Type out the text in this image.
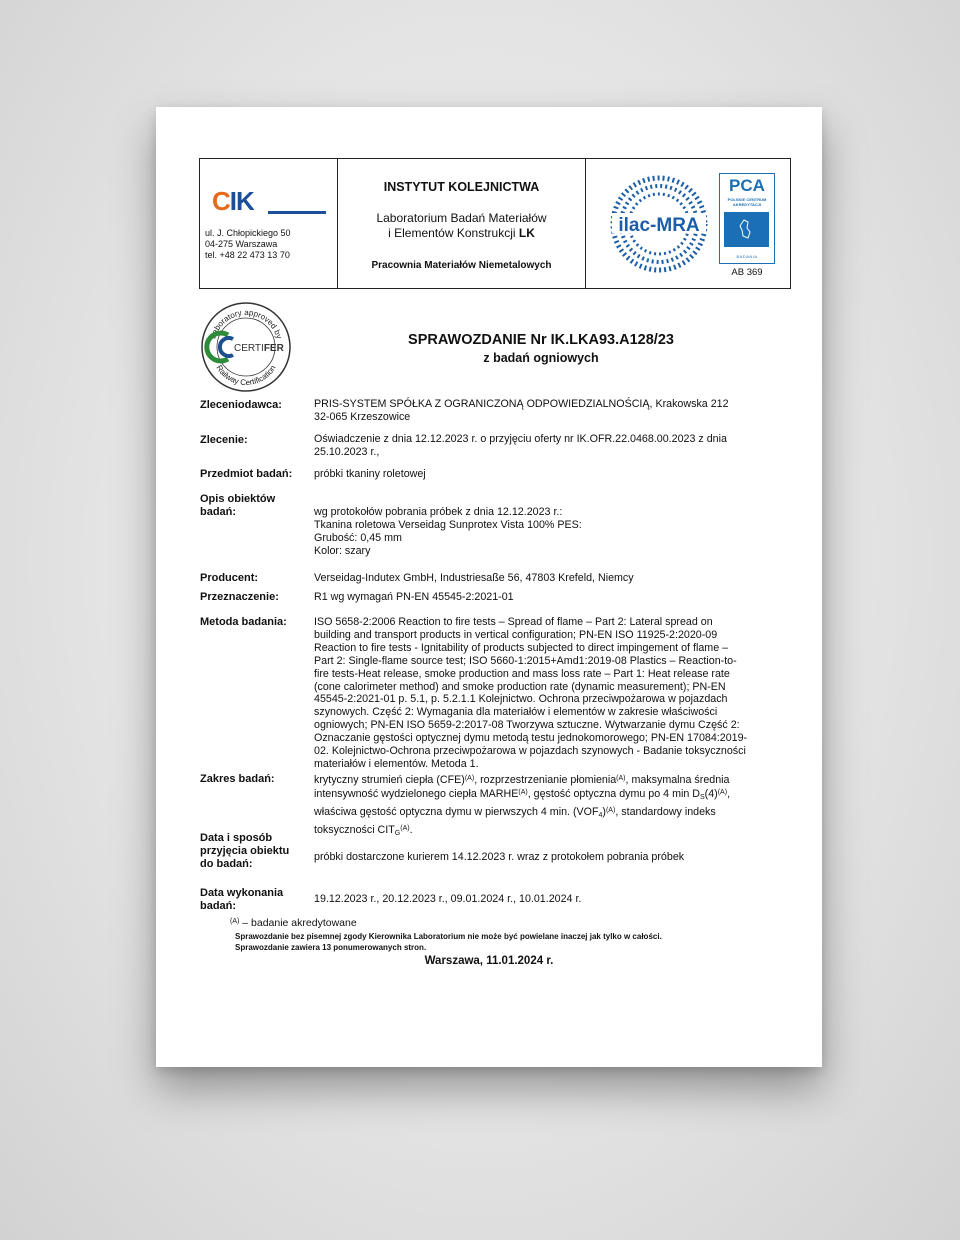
CIK
ul. J. Chłopickiego 50
04-275 Warszawa
tel. +48 22 473 13 70
INSTYTUT KOLEJNICTWA
Laboratorium Badań Materiałów
i Elementów Konstrukcji LK
Pracownia Materiałów Niemetalowych
ilac-MRA
PCA
POLSKIE CENTRUM
AKREDYTACJI
BADANIA
AB 369
Laboratory approved by
Railway Certification
CERTIFER
SPRAWOZDANIE Nr IK.LKA93.A128/23
z badań ogniowych
Zleceniodawca:	PRIS-SYSTEM SPÓŁKA Z OGRANICZONĄ ODPOWIEDZIALNOŚCIĄ, Krakowska 212
32-065 Krzeszowice
Zlecenie:	Oświadczenie z dnia 12.12.2023 r. o przyjęciu oferty nr IK.OFR.22.0468.00.2023 z dnia
25.10.2023 r.,
Przedmiot badań:	próbki tkaniny roletowej
Opis obiektów
badań:	wg protokołów pobrania próbek z dnia 12.12.2023 r.:
Tkanina roletowa Verseidag Sunprotex Vista 100% PES:
Grubość: 0,45 mm
Kolor: szary
Producent:	Verseidag-Indutex GmbH, Industriesaße 56, 47803 Krefeld, Niemcy
Przeznaczenie:	R1 wg wymagań PN-EN 45545-2:2021-01
Metoda badania:	ISO 5658-2:2006 Reaction to fire tests – Spread of flame – Part 2: Lateral spread on
building and transport products in vertical configuration; PN-EN ISO 11925-2:2020-09
Reaction to fire tests - Ignitability of products subjected to direct impingement of flame –
Part 2: Single-flame source test; ISO 5660-1:2015+Amd1:2019-08 Plastics – Reaction-to-
fire tests-Heat release, smoke production and mass loss rate – Part 1: Heat release rate
(cone calorimeter method) and smoke production rate (dynamic measurement); PN-EN
45545-2:2021-01 p. 5.1, p. 5.2.1.1 Kolejnictwo. Ochrona przeciwpożarowa w pojazdach
szynowych. Część 2: Wymagania dla materiałów i elementów w zakresie właściwości
ogniowych; PN-EN ISO 5659-2:2017-08 Tworzywa sztuczne. Wytwarzanie dymu Część 2:
Oznaczanie gęstości optycznej dymu metodą testu jednokomorowego; PN-EN 17084:2019-
02. Kolejnictwo-Ochrona przeciwpożarowa w pojazdach szynowych - Badanie toksyczności
materiałów i elementów. Metoda 1.
Zakres badań:	krytyczny strumień ciepła (CFE)$^{(A)}$, rozprzestrzenianie płomienia$^{(A)}$, maksymalna średnia
intensywność wydzielonego ciepła $MARHE^{(A)}$, gęstość optyczna dymu po 4 $\min D_S(4)^{(A)}$,
właściwa gęstość optyczna dymu w pierwszych 4 min. $(VOF_4)^{(A)}$, standardowy indeks
toksyczności $CIT_G^{(A)}$.
Data i sposób
przyjęcia obiektu
do badań:
próbki dostarczone kurierem 14.12.2023 r. wraz z protokołem pobrania próbek
Data wykonania
badań:
19.12.2023 r., 20.12.2023 r., 09.01.2024 r., 10.01.2024 r.
$^{(A)}$ – badanie akredytowane
Sprawozdanie bez pisemnej zgody Kierownika Laboratorium nie może być powielane inaczej jak tylko w całości.
Sprawozdanie zawiera 13 ponumerowanych stron.
Warszawa, 11.01.2024 r.
